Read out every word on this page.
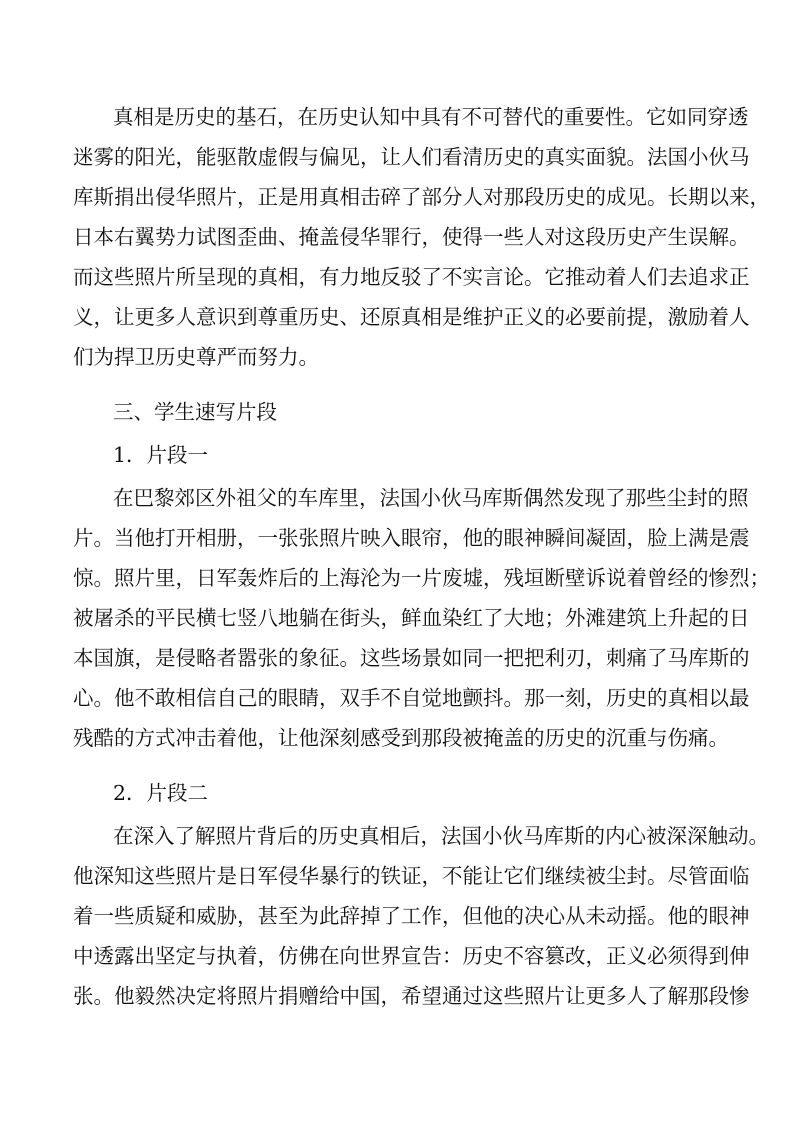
真相是历史的基石，在历史认知中具有不可替代的重要性。它如同穿透
迷雾的阳光，能驱散虚假与偏见，让人们看清历史的真实面貌。法国小伙马
库斯捐出侵华照片，正是用真相击碎了部分人对那段历史的成见。长期以来，
日本右翼势力试图歪曲、掩盖侵华罪行，使得一些人对这段历史产生误解。
而这些照片所呈现的真相，有力地反驳了不实言论。它推动着人们去追求正
义，让更多人意识到尊重历史、还原真相是维护正义的必要前提，激励着人
们为捍卫历史尊严而努力。
三、学生速写片段
1．片段一
在巴黎郊区外祖父的车库里，法国小伙马库斯偶然发现了那些尘封的照
片。当他打开相册，一张张照片映入眼帘，他的眼神瞬间凝固，脸上满是震
惊。照片里，日军轰炸后的上海沦为一片废墟，残垣断壁诉说着曾经的惨烈；
被屠杀的平民横七竖八地躺在街头，鲜血染红了大地；外滩建筑上升起的日
本国旗，是侵略者嚣张的象征。这些场景如同一把把利刃，刺痛了马库斯的
心。他不敢相信自己的眼睛，双手不自觉地颤抖。那一刻，历史的真相以最
残酷的方式冲击着他，让他深刻感受到那段被掩盖的历史的沉重与伤痛。
2．片段二
在深入了解照片背后的历史真相后，法国小伙马库斯的内心被深深触动。
他深知这些照片是日军侵华暴行的铁证，不能让它们继续被尘封。尽管面临
着一些质疑和威胁，甚至为此辞掉了工作，但他的决心从未动摇。他的眼神
中透露出坚定与执着，仿佛在向世界宣告：历史不容篡改，正义必须得到伸
张。他毅然决定将照片捐赠给中国，希望通过这些照片让更多人了解那段惨
